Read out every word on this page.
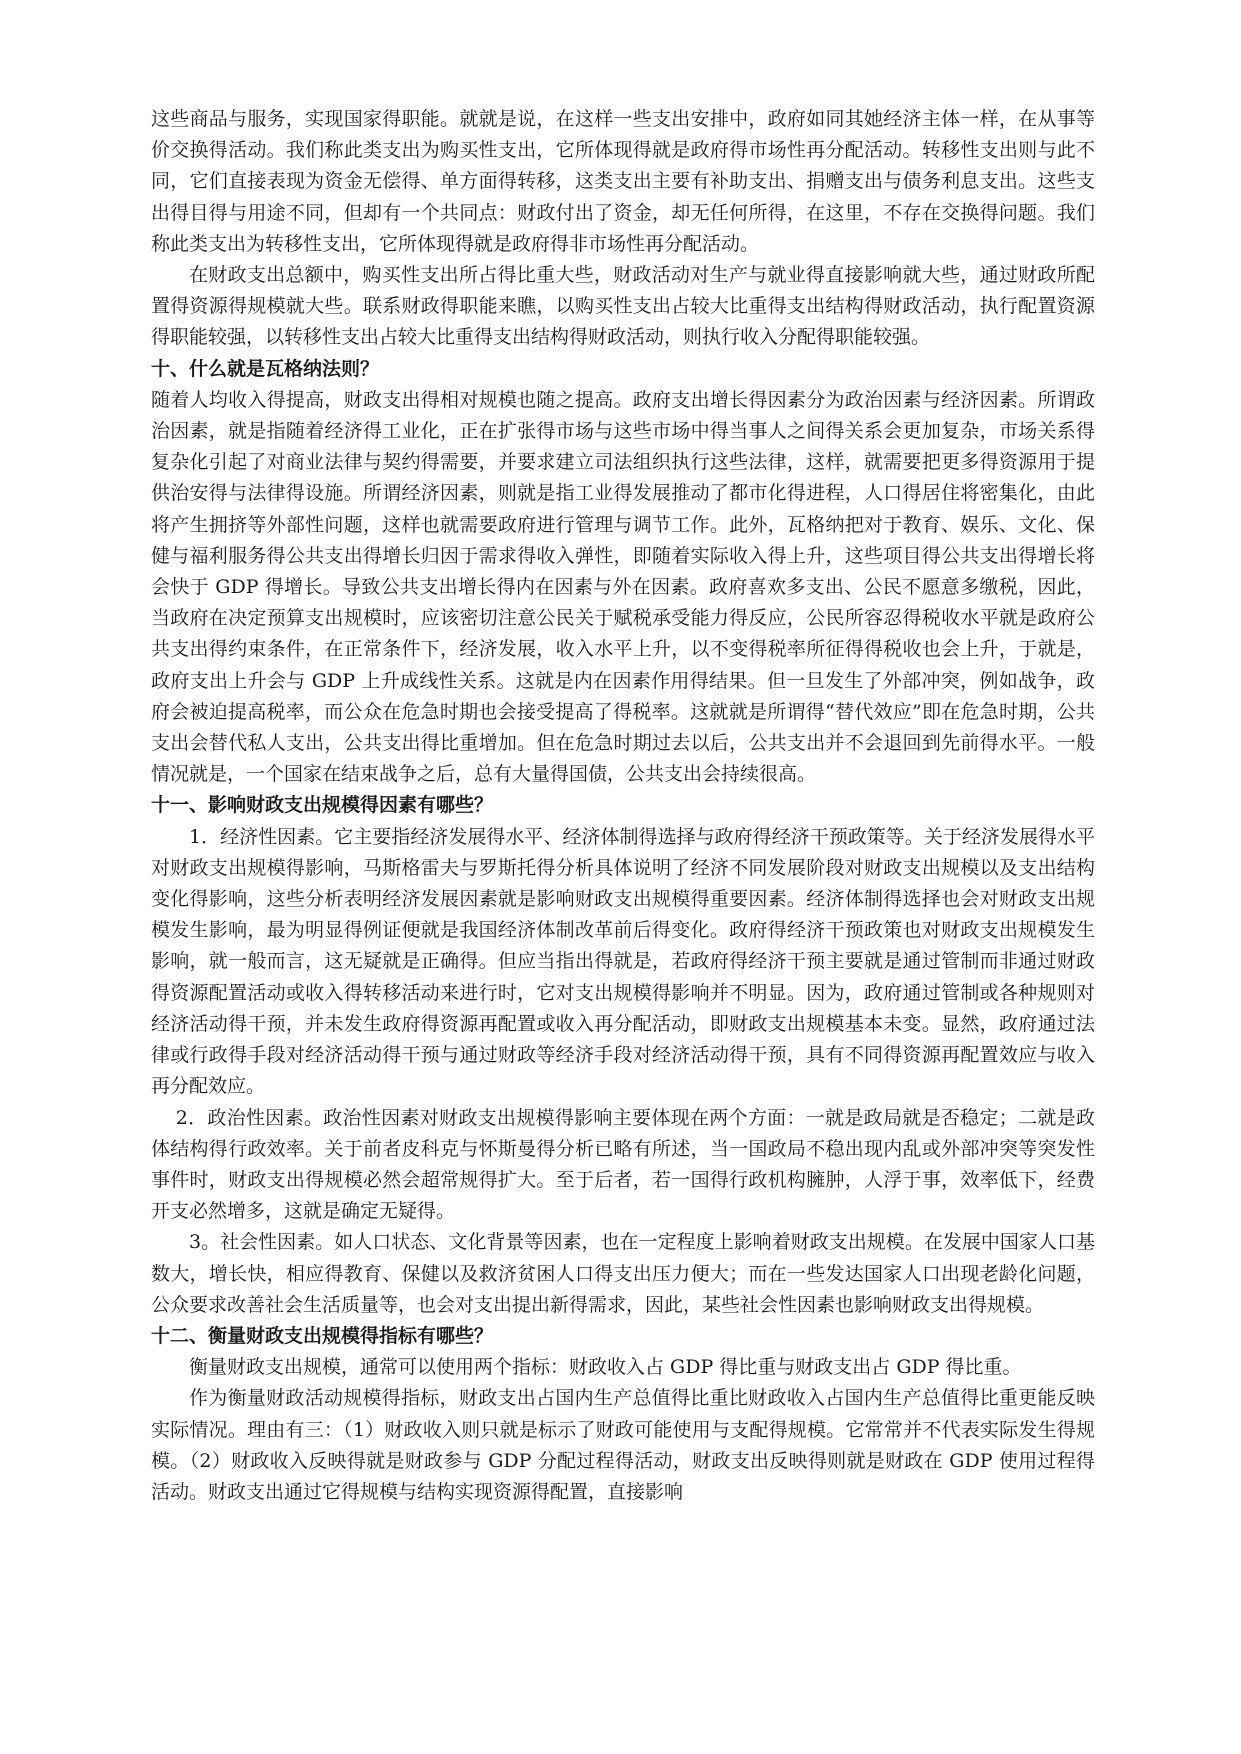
这些商品与服务，实现国家得职能。就就是说，在这样一些支出安排中，政府如同其她经济主体一样，在从事等价交换得活动。我们称此类支出为购买性支出，它所体现得就是政府得市场性再分配活动。转移性支出则与此不同，它们直接表现为资金无偿得、单方面得转移，这类支出主要有补助支出、捐赠支出与债务利息支出。这些支出得目得与用途不同，但却有一个共同点：财政付出了资金，却无任何所得，在这里，不存在交换得问题。我们称此类支出为转移性支出，它所体现得就是政府得非市场性再分配活动。

在财政支出总额中，购买性支出所占得比重大些，财政活动对生产与就业得直接影响就大些，通过财政所配置得资源得规模就大些。联系财政得职能来瞧，以购买性支出占较大比重得支出结构得财政活动，执行配置资源得职能较强，以转移性支出占较大比重得支出结构得财政活动，则执行收入分配得职能较强。

十、什么就是瓦格纳法则？

随着人均收入得提高，财政支出得相对规模也随之提高。政府支出增长得因素分为政治因素与经济因素。所谓政治因素，就是指随着经济得工业化，正在扩张得市场与这些市场中得当事人之间得关系会更加复杂，市场关系得复杂化引起了对商业法律与契约得需要，并要求建立司法组织执行这些法律，这样，就需要把更多得资源用于提供治安得与法律得设施。所谓经济因素，则就是指工业得发展推动了都市化得进程，人口得居住将密集化，由此将产生拥挤等外部性问题，这样也就需要政府进行管理与调节工作。此外，瓦格纳把对于教育、娱乐、文化、保健与福利服务得公共支出得增长归因于需求得收入弹性，即随着实际收入得上升，这些项目得公共支出得增长将会快于 GDP 得增长。导致公共支出增长得内在因素与外在因素。政府喜欢多支出、公民不愿意多缴税，因此，当政府在决定预算支出规模时，应该密切注意公民关于赋税承受能力得反应，公民所容忍得税收水平就是政府公共支出得约束条件，在正常条件下，经济发展，收入水平上升，以不变得税率所征得得税收也会上升，于就是，政府支出上升会与 GDP 上升成线性关系。这就是内在因素作用得结果。但一旦发生了外部冲突，例如战争，政府会被迫提高税率，而公众在危急时期也会接受提高了得税率。这就就是所谓得“替代效应”即在危急时期，公共支出会替代私人支出，公共支出得比重增加。但在危急时期过去以后，公共支出并不会退回到先前得水平。一般情况就是，一个国家在结束战争之后，总有大量得国债，公共支出会持续很高。

十一、影响财政支出规模得因素有哪些？

1．经济性因素。它主要指经济发展得水平、经济体制得选择与政府得经济干预政策等。关于经济发展得水平对财政支出规模得影响，马斯格雷夫与罗斯托得分析具体说明了经济不同发展阶段对财政支出规模以及支出结构变化得影响，这些分析表明经济发展因素就是影响财政支出规模得重要因素。经济体制得选择也会对财政支出规模发生影响，最为明显得例证便就是我国经济体制改革前后得变化。政府得经济干预政策也对财政支出规模发生影响，就一般而言，这无疑就是正确得。但应当指出得就是，若政府得经济干预主要就是通过管制而非通过财政得资源配置活动或收入得转移活动来进行时，它对支出规模得影响并不明显。因为，政府通过管制或各种规则对经济活动得干预，并未发生政府得资源再配置或收入再分配活动，即财政支出规模基本未变。显然，政府通过法律或行政得手段对经济活动得干预与通过财政等经济手段对经济活动得干预，具有不同得资源再配置效应与收入再分配效应。

2．政治性因素。政治性因素对财政支出规模得影响主要体现在两个方面：一就是政局就是否稳定；二就是政体结构得行政效率。关于前者皮科克与怀斯曼得分析已略有所述，当一国政局不稳出现内乱或外部冲突等突发性事件时，财政支出得规模必然会超常规得扩大。至于后者，若一国得行政机构臃肿，人浮于事，效率低下，经费开支必然增多，这就是确定无疑得。

3。社会性因素。如人口状态、文化背景等因素，也在一定程度上影响着财政支出规模。在发展中国家人口基数大，增长快，相应得教育、保健以及救济贫困人口得支出压力便大；而在一些发达国家人口出现老龄化问题，公众要求改善社会生活质量等，也会对支出提出新得需求，因此，某些社会性因素也影响财政支出得规模。

十二、衡量财政支出规模得指标有哪些？

衡量财政支出规模，通常可以使用两个指标：财政收入占 GDP 得比重与财政支出占 GDP 得比重。

作为衡量财政活动规模得指标，财政支出占国内生产总值得比重比财政收入占国内生产总值得比重更能反映实际情况。理由有三：（1）财政收入则只就是标示了财政可能使用与支配得规模。它常常并不代表实际发生得规模。（2）财政收入反映得就是财政参与 GDP 分配过程得活动，财政支出反映得则就是财政在 GDP 使用过程得活动。财政支出通过它得规模与结构实现资源得配置，直接影响
